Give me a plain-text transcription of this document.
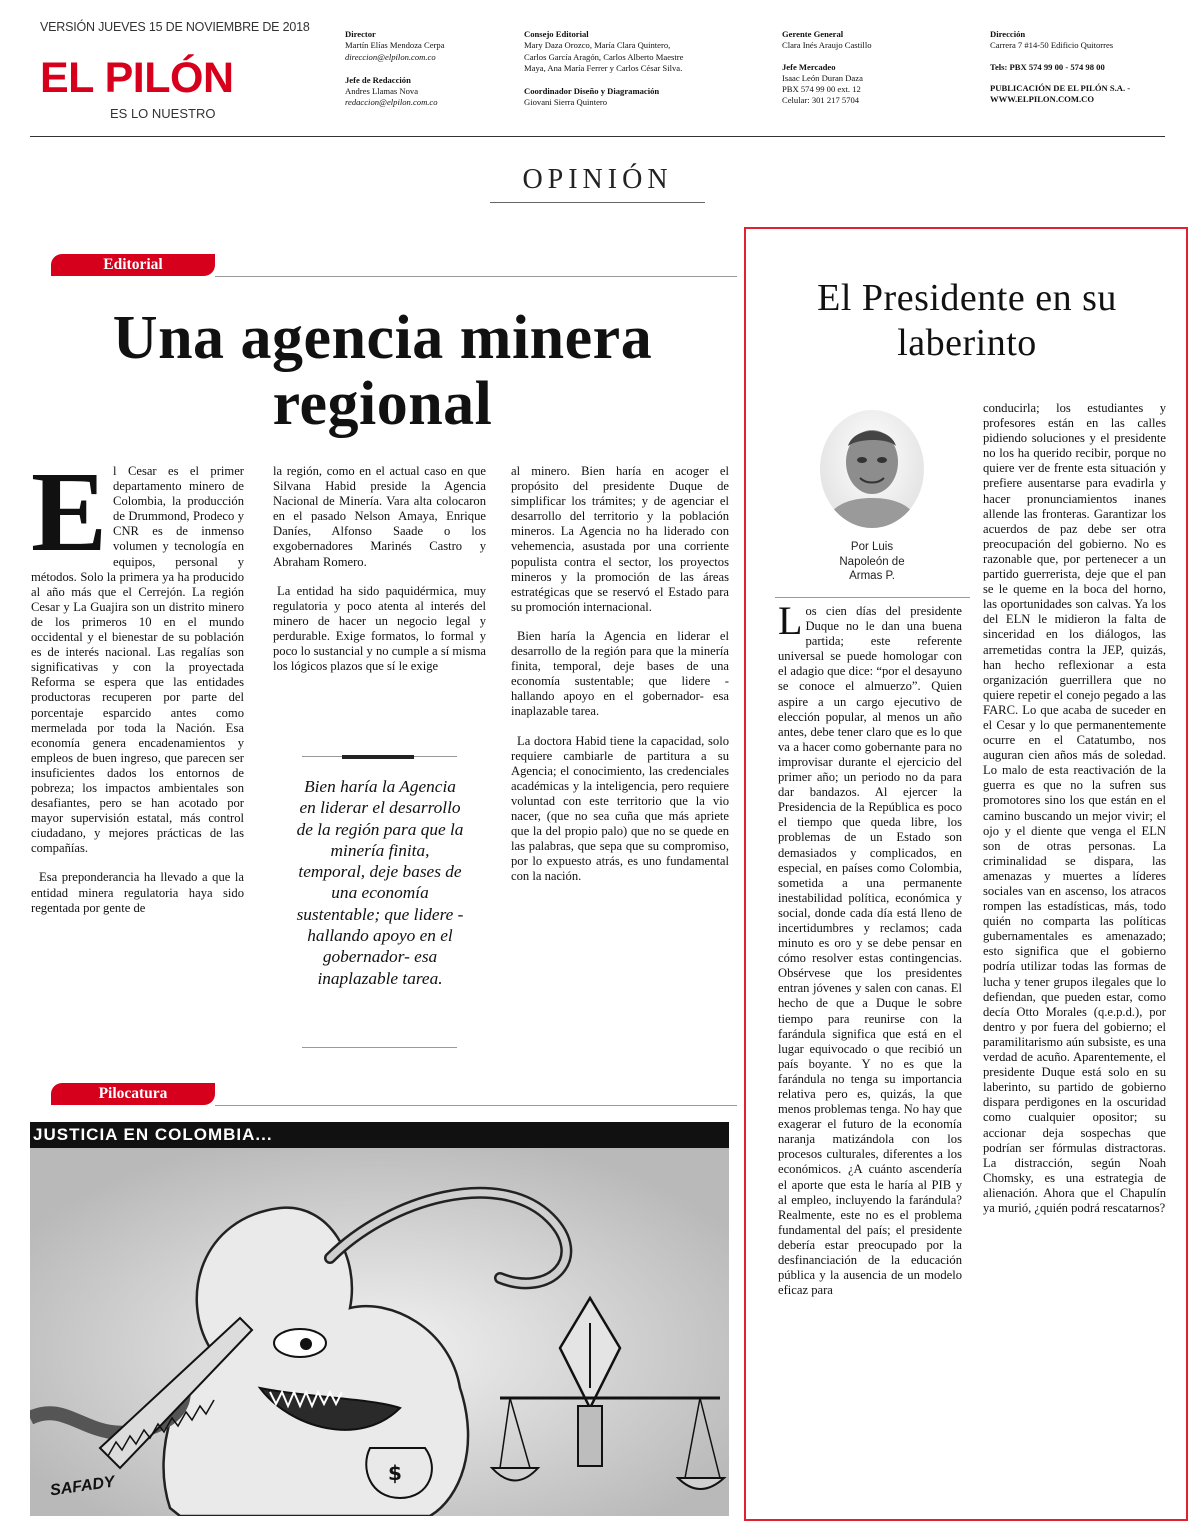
VERSIÓN JUEVES 15 DE NOVIEMBRE DE 2018
EL PILÓN
ES LO NUESTRO
Director
Martín Elías Mendoza Cerpa
direccion@elpilon.com.co
Jefe de Redacción
Andres Llamas Nova
redaccion@elpilon.com.co
Consejo Editorial
Mary Daza Orozco, María Clara Quintero,
Carlos García Aragón, Carlos Alberto Maestre
Maya, Ana María Ferrer y Carlos César Silva.
Coordinador Diseño y Diagramación
Giovani Sierra Quintero
Gerente General
Clara Inés Araujo Castillo
Jefe Mercadeo
Isaac León Duran Daza
PBX 574 99 00 ext. 12
Celular: 301 217 5704
Dirección
Carrera 7 #14-50 Edificio Quitorres
Tels: PBX 574 99 00 - 574 98 00
PUBLICACIÓN DE EL PILÓN S.A. -
WWW.ELPILON.COM.CO
OPINIÓN
Editorial
Una agencia minera
regional

El Cesar es el primer departamento minero de Colombia, la producción de Drummond, Prodeco y CNR es de inmenso volumen y tecnología en equipos, personal y métodos. Solo la primera ya ha producido al año más que el Cerrejón. La región Cesar y La Guajira son un distrito minero de los primeros 10 en el mundo occidental y el bienestar de su población es de interés nacional. Las regalías son significativas y con la proyectada Reforma se espera que las entidades productoras recuperen por parte del porcentaje esparcido antes como mermelada por toda la Nación. Esa economía genera encadenamientos y empleos de buen ingreso, que parecen ser insuficientes dados los entornos de pobreza; los impactos ambientales son desafiantes, pero se han acotado por mayor supervisión estatal, más control ciudadano, y mejores prácticas de las compañías.

Esa preponderancia ha llevado a que la entidad minera regulatoria haya sido regentada por gente de

la región, como en el actual caso en que Silvana Habid preside la Agencia Nacional de Minería. Vara alta colocaron en el pasado Nelson Amaya, Enrique Daníes, Alfonso Saade o los exgobernadores Marinés Castro y Abraham Romero.

La entidad ha sido paquidérmica, muy regulatoria y poco atenta al interés del minero de hacer un negocio legal y perdurable. Exige formatos, lo formal y poco lo sustancial y no cumple a sí misma los lógicos plazos que sí le exige

Bien haría la Agencia en liderar el desarrollo de la región para que la minería finita, temporal, deje bases de una economía sustentable; que lidere - hallando apoyo en el gobernador- esa inaplazable tarea.

al minero. Bien haría en acoger el propósito del presidente Duque de simplificar los trámites; y de agenciar el desarrollo del territorio y la población mineros. La Agencia no ha liderado con vehemencia, asustada por una corriente populista contra el sector, los proyectos mineros y la promoción de las áreas estratégicas que se reservó el Estado para su promoción internacional.

Bien haría la Agencia en liderar el desarrollo de la región para que la minería finita, temporal, deje bases de una economía sustentable; que lidere - hallando apoyo en el gobernador- esa inaplazable tarea.

La doctora Habid tiene la capacidad, solo requiere cambiarle de partitura a su Agencia; el conocimiento, las credenciales académicas y la inteligencia, pero requiere voluntad con este territorio que la vio nacer, (que no sea cuña que más apriete que la del propio palo) que no se quede en las palabras, que sepa que su compromiso, por lo expuesto atrás, es uno fundamental con la nación.

Pilocatura
JUSTICIA EN COLOMBIA...
$
SAFADY
El Presidente en su
laberinto
Por Luis
Napoleón de
Armas P.

Los cien días del presidente Duque no le dan una buena partida; este referente universal se puede homologar con el adagio que dice: “por el desayuno se conoce el almuerzo”. Quien aspire a un cargo ejecutivo de elección popular, al menos un año antes, debe tener claro que es lo que va a hacer como gobernante para no improvisar durante el ejercicio del primer año; un periodo no da para dar bandazos. Al ejercer la Presidencia de la República es poco el tiempo que queda libre, los problemas de un Estado son demasiados y complicados, en especial, en países como Colombia, sometida a una permanente inestabilidad política, económica y social, donde cada día está lleno de incertidumbres y reclamos; cada minuto es oro y se debe pensar en cómo resolver estas contingencias. Obsérvese que los presidentes entran jóvenes y salen con canas. El hecho de que a Duque le sobre tiempo para reunirse con la farándula significa que está en el lugar equivocado o que recibió un país boyante. Y no es que la farándula no tenga su importancia relativa pero es, quizás, la que menos problemas tenga. No hay que exagerar el futuro de la economía naranja matizándola con los procesos culturales, diferentes a los económicos. ¿A cuánto ascendería el aporte que esta le haría al PIB y al empleo, incluyendo la farándula? Realmente, este no es el problema fundamental del país; el presidente debería estar preocupado por la desfinanciación de la educación pública y la ausencia de un modelo eficaz para

conducirla; los estudiantes y profesores están en las calles pidiendo soluciones y el presidente no los ha querido recibir, porque no quiere ver de frente esta situación y prefiere ausentarse para evadirla y hacer pronunciamientos inanes allende las fronteras. Garantizar los acuerdos de paz debe ser otra preocupación del gobierno. No es razonable que, por pertenecer a un partido guerrerista, deje que el pan se le queme en la boca del horno, las oportunidades son calvas. Ya los del ELN le midieron la falta de sinceridad en los diálogos, las arremetidas contra la JEP, quizás, han hecho reflexionar a esta organización guerrillera que no quiere repetir el conejo pegado a las FARC. Lo que acaba de suceder en el Cesar y lo que permanentemente ocurre en el Catatumbo, nos auguran cien años más de soledad. Lo malo de esta reactivación de la guerra es que no la sufren sus promotores sino los que están en el camino buscando un mejor vivir; el ojo y el diente que venga el ELN son de otras personas. La criminalidad se dispara, las amenazas y muertes a líderes sociales van en ascenso, los atracos rompen las estadísticas, más, todo quién no comparta las políticas gubernamentales es amenazado; esto significa que el gobierno podría utilizar todas las formas de lucha y tener grupos ilegales que lo defiendan, que pueden estar, como decía Otto Morales (q.e.p.d.), por dentro y por fuera del gobierno; el paramilitarismo aún subsiste, es una verdad de acuño. Aparentemente, el presidente Duque está solo en su laberinto, su partido de gobierno dispara perdigones en la oscuridad como cualquier opositor; su accionar deja sospechas que podrían ser fórmulas distractoras. La distracción, según Noah Chomsky, es una estrategia de alienación. Ahora que el Chapulín ya murió, ¿quién podrá rescatarnos?
